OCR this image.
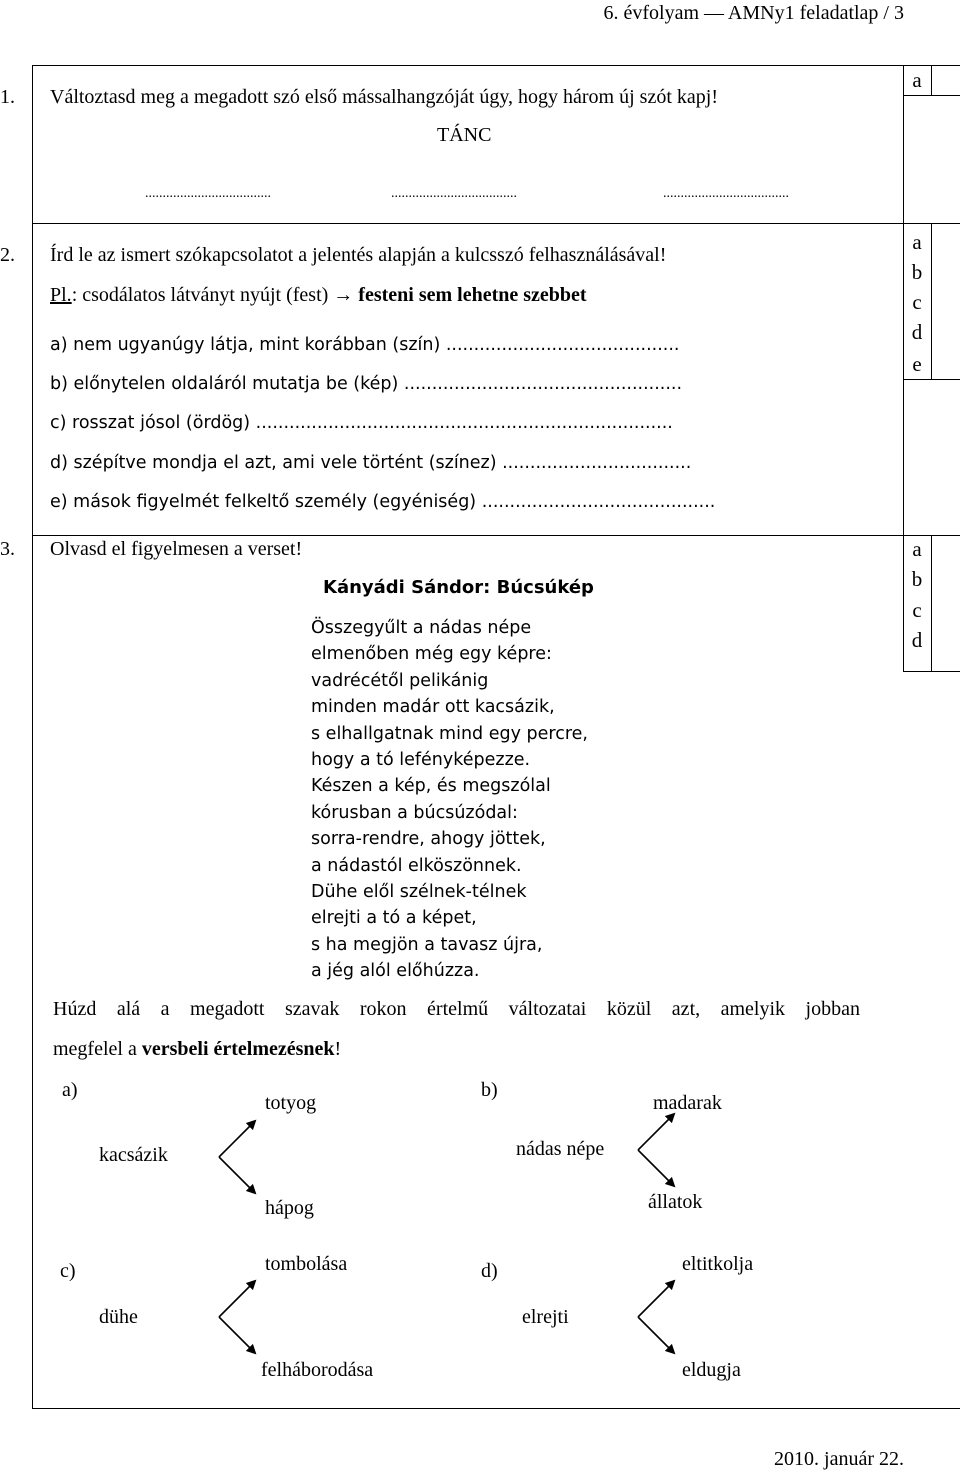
6. évfolyam — AMNy1 feladatlap / 3
a
a
b
c
d
e
a
b
c
d
1. Változtasd meg a megadott szó első mássalhangzóját úgy, hogy három új szót kapj!
TÁNC
....................................	....................................	....................................
2. Írd le az ismert szókapcsolatot a jelentés alapján a kulcsszó felhasználásával!
Pl.: csodálatos látványt nyújt (fest) → festeni sem lehetne szebbet
a) nem ugyanúgy látja, mint korábban (szín) ..........................................
b) előnytelen oldaláról mutatja be (kép) ..................................................
c) rosszat jósol (ördög) ...........................................................................
d) szépítve mondja el azt, ami vele történt (színez) ..................................
e) mások figyelmét felkeltő személy (egyéniség) ..........................................
3. Olvasd el figyelmesen a verset!
Kányádi Sándor: Búcsúkép
Összegyűlt a nádas népe
elmenőben még egy képre:
vadrécétől pelikánig
minden madár ott kacsázik,
s elhallgatnak mind egy percre,
hogy a tó lefényképezze.
Készen a kép, és megszólal
kórusban a búcsúzódal:
sorra-rendre, ahogy jöttek,
a nádastól elköszönnek.
Dühe elől szélnek-télnek
elrejti a tó a képet,
s ha megjön a tavasz újra,
a jég alól előhúzza.
Húzd alá a megadott szavak rokon értelmű változatai közül azt, amelyik jobban
megfelel a versbeli értelmezésnek!
a)
kacsázik
totyog
hápog
b)
nádas népe
madarak
állatok
c)
dühe
tombolása
felháborodása
d)
elrejti
eltitkolja
eldugja
2010. január 22.
